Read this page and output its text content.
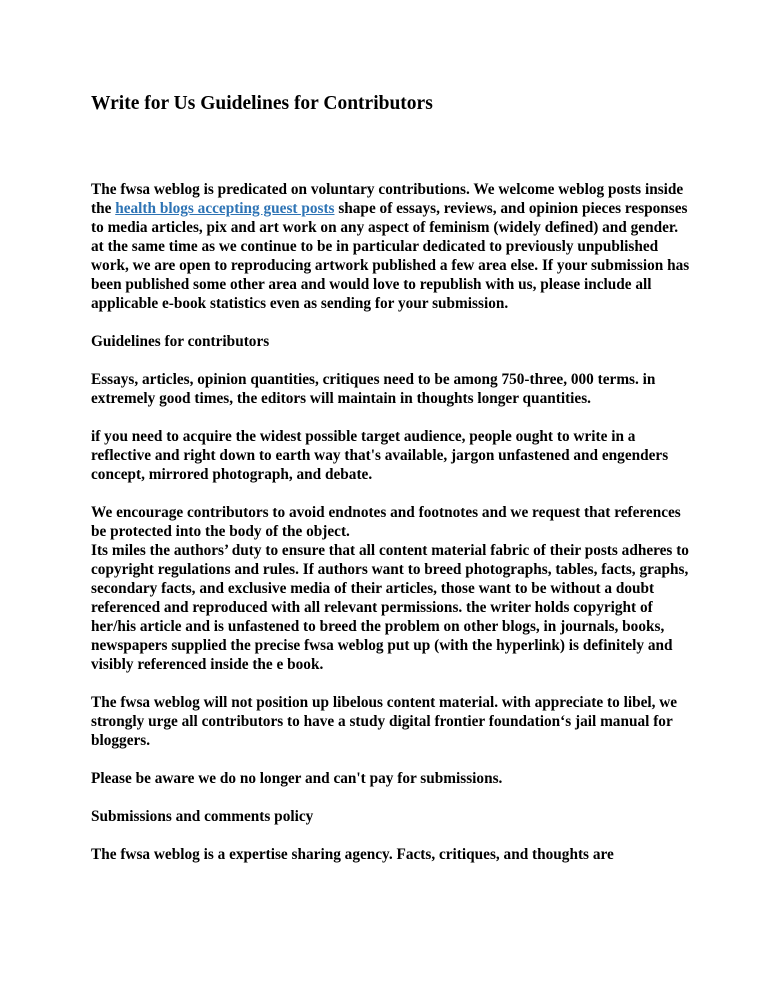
Write for Us Guidelines for Contributors

The fwsa weblog is predicated on voluntary contributions. We welcome weblog posts inside the health blogs accepting guest posts shape of essays, reviews, and opinion pieces responses to media articles, pix and art work on any aspect of feminism (widely defined) and gender. at the same time as we continue to be in particular dedicated to previously unpublished work, we are open to reproducing artwork published a few area else. If your submission has been published some other area and would love to republish with us, please include all applicable e-book statistics even as sending for your submission.

Guidelines for contributors

Essays, articles, opinion quantities, critiques need to be among 750-three, 000 terms. in extremely good times, the editors will maintain in thoughts longer quantities.

if you need to acquire the widest possible target audience, people ought to write in a reflective and right down to earth way that's available, jargon unfastened and engenders concept, mirrored photograph, and debate.

We encourage contributors to avoid endnotes and footnotes and we request that references be protected into the body of the object.

Its miles the authors’ duty to ensure that all content material fabric of their posts adheres to copyright regulations and rules. If authors want to breed photographs, tables, facts, graphs, secondary facts, and exclusive media of their articles, those want to be without a doubt referenced and reproduced with all relevant permissions. the writer holds copyright of her/his article and is unfastened to breed the problem on other blogs, in journals, books, newspapers supplied the precise fwsa weblog put up (with the hyperlink) is definitely and visibly referenced inside the e book.

The fwsa weblog will not position up libelous content material. with appreciate to libel, we strongly urge all contributors to have a study digital frontier foundation‘s jail manual for bloggers.

Please be aware we do no longer and can't pay for submissions.

Submissions and comments policy

The fwsa weblog is a expertise sharing agency. Facts, critiques, and thoughts are
